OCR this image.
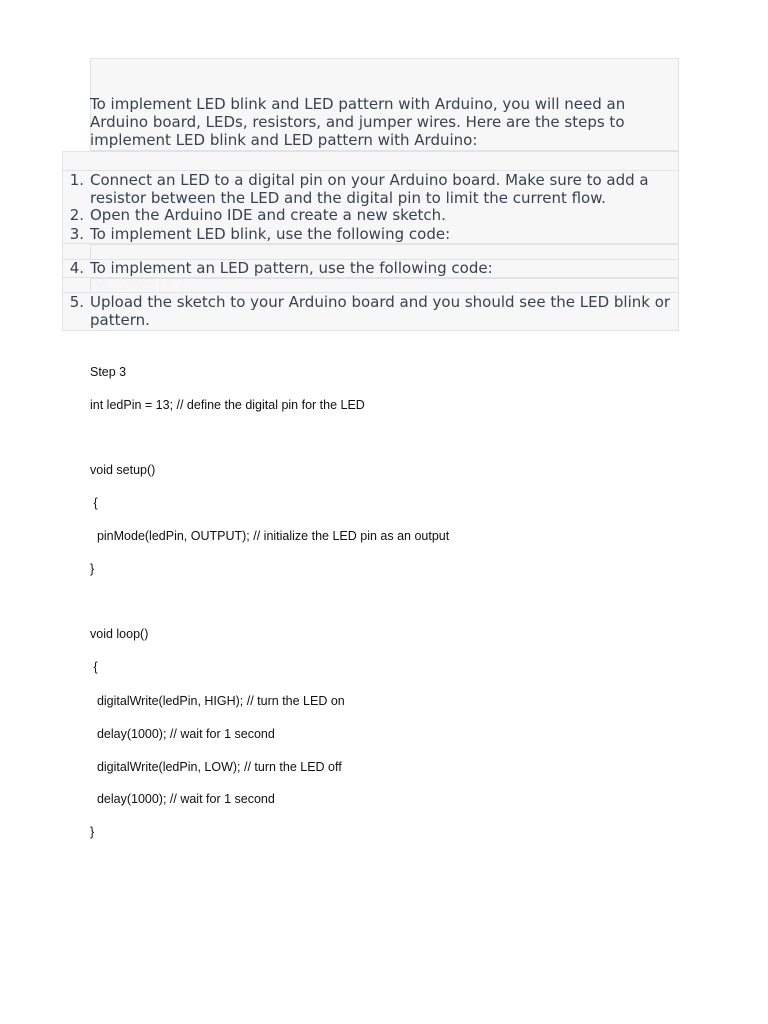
To implement LED blink and LED pattern with Arduino, you will need an Arduino board, LEDs, resistors, and jumper wires. Here are the steps to implement LED blink and LED pattern with Arduino:
1. Connect an LED to a digital pin on your Arduino board. Make sure to add a resistor between the LED and the digital pin to limit the current flow.
2. Open the Arduino IDE and create a new sketch.
3. To implement LED blink, use the following code:
4. To implement an LED pattern, use the following code:
int ledPins[] = {
5. Upload the sketch to your Arduino board and you should see the LED blink or pattern.
Step 3
int ledPin = 13; // define the digital pin for the LED
void setup()
{
pinMode(ledPin, OUTPUT); // initialize the LED pin as an output
}
void loop()
{
digitalWrite(ledPin, HIGH); // turn the LED on
delay(1000); // wait for 1 second
digitalWrite(ledPin, LOW); // turn the LED off
delay(1000); // wait for 1 second
}
